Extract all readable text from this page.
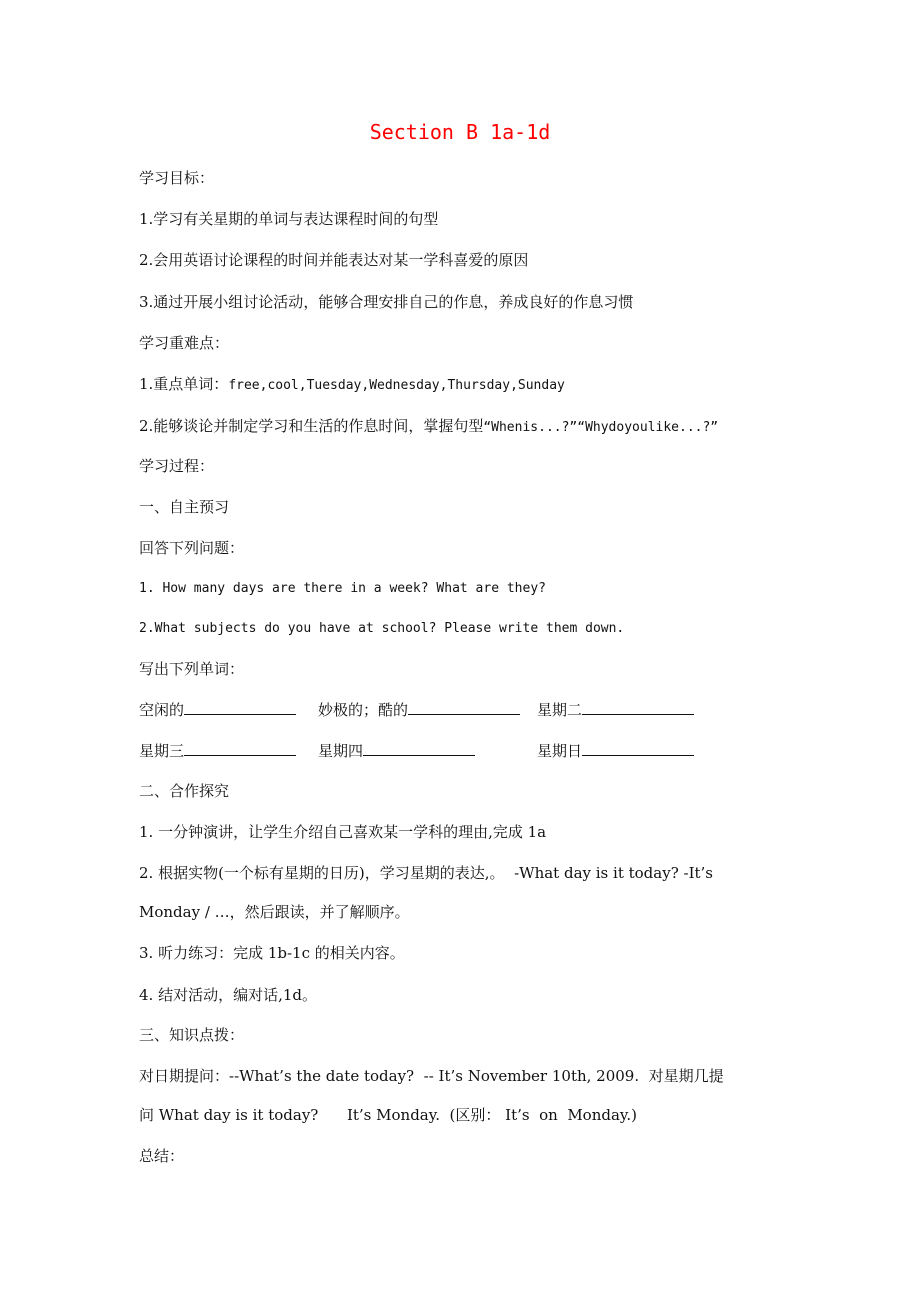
Section B 1a-1d
学习目标：
1.学习有关星期的单词与表达课程时间的句型
2.会用英语讨论课程的时间并能表达对某一学科喜爱的原因
3.通过开展小组讨论活动，能够合理安排自己的作息，养成良好的作息习惯
学习重难点：
1.重点单词：free,cool,Tuesday,Wednesday,Thursday,Sunday
2.能够谈论并制定学习和生活的作息时间，掌握句型“Whenis...?”“Whydoyoulike...?”
学习过程：
一、自主预习
回答下列问题：
1. How many days are there in a week? What are they?
2.What subjects do you have at school? Please write them down.
写出下列单词：
空闲的	妙极的；酷的	星期二
星期三	星期四	星期日
二、合作探究
1. 一分钟演讲，让学生介绍自己喜欢某一学科的理由,完成 1a
2. 根据实物(一个标有星期的日历)，学习星期的表达,。  -What day is it today? -It’s
Monday / …，然后跟读，并了解顺序。
3. 听力练习：完成 1b-1c 的相关内容。
4. 结对活动，编对话,1d。
三、知识点拨：
对日期提问：--What’s the date today?  -- It’s November 10th, 2009.  对星期几提
问 What day is it today?      It’s Monday.  (区别： It’s  on  Monday.)
总结：
